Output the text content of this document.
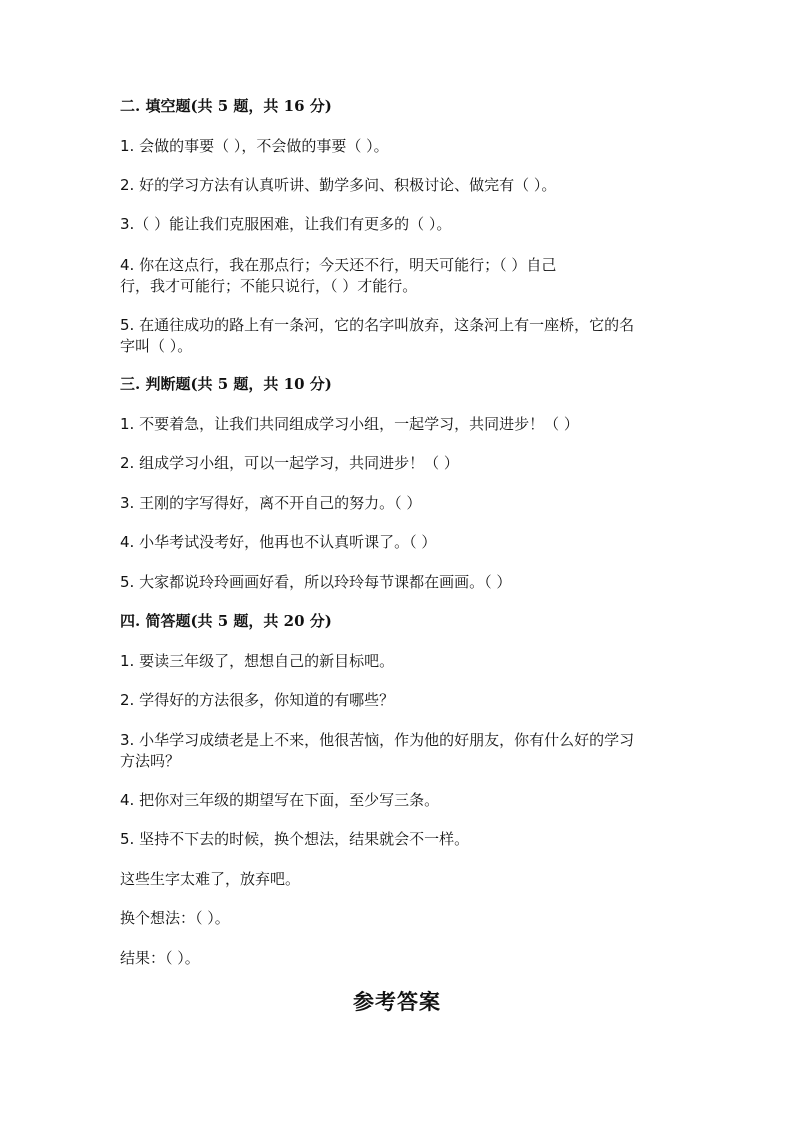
二. 填空题(共 5 题，共 16 分)
1. 会做的事要（ ），不会做的事要（ ）。
2. 好的学习方法有认真听讲、勤学多问、积极讨论、做完有（ ）。
3.（ ）能让我们克服困难，让我们有更多的（ ）。
4. 你在这点行，我在那点行；今天还不行，明天可能行；（ ）自己
行，我才可能行；不能只说行，（ ）才能行。
5. 在通往成功的路上有一条河，它的名字叫放弃，这条河上有一座桥，它的名
字叫（ ）。
三. 判断题(共 5 题，共 10 分)
1. 不要着急，让我们共同组成学习小组，一起学习，共同进步！（ ）
2. 组成学习小组，可以一起学习，共同进步！（ ）
3. 王刚的字写得好，离不开自己的努力。（ ）
4. 小华考试没考好，他再也不认真听课了。（ ）
5. 大家都说玲玲画画好看，所以玲玲每节课都在画画。（ ）
四. 简答题(共 5 题，共 20 分)
1. 要读三年级了，想想自己的新目标吧。
2. 学得好的方法很多，你知道的有哪些？
3. 小华学习成绩老是上不来，他很苦恼，作为他的好朋友，你有什么好的学习
方法吗？
4. 把你对三年级的期望写在下面，至少写三条。
5. 坚持不下去的时候，换个想法，结果就会不一样。
这些生字太难了，放弃吧。
换个想法：（ ）。
结果：（ ）。
参考答案
